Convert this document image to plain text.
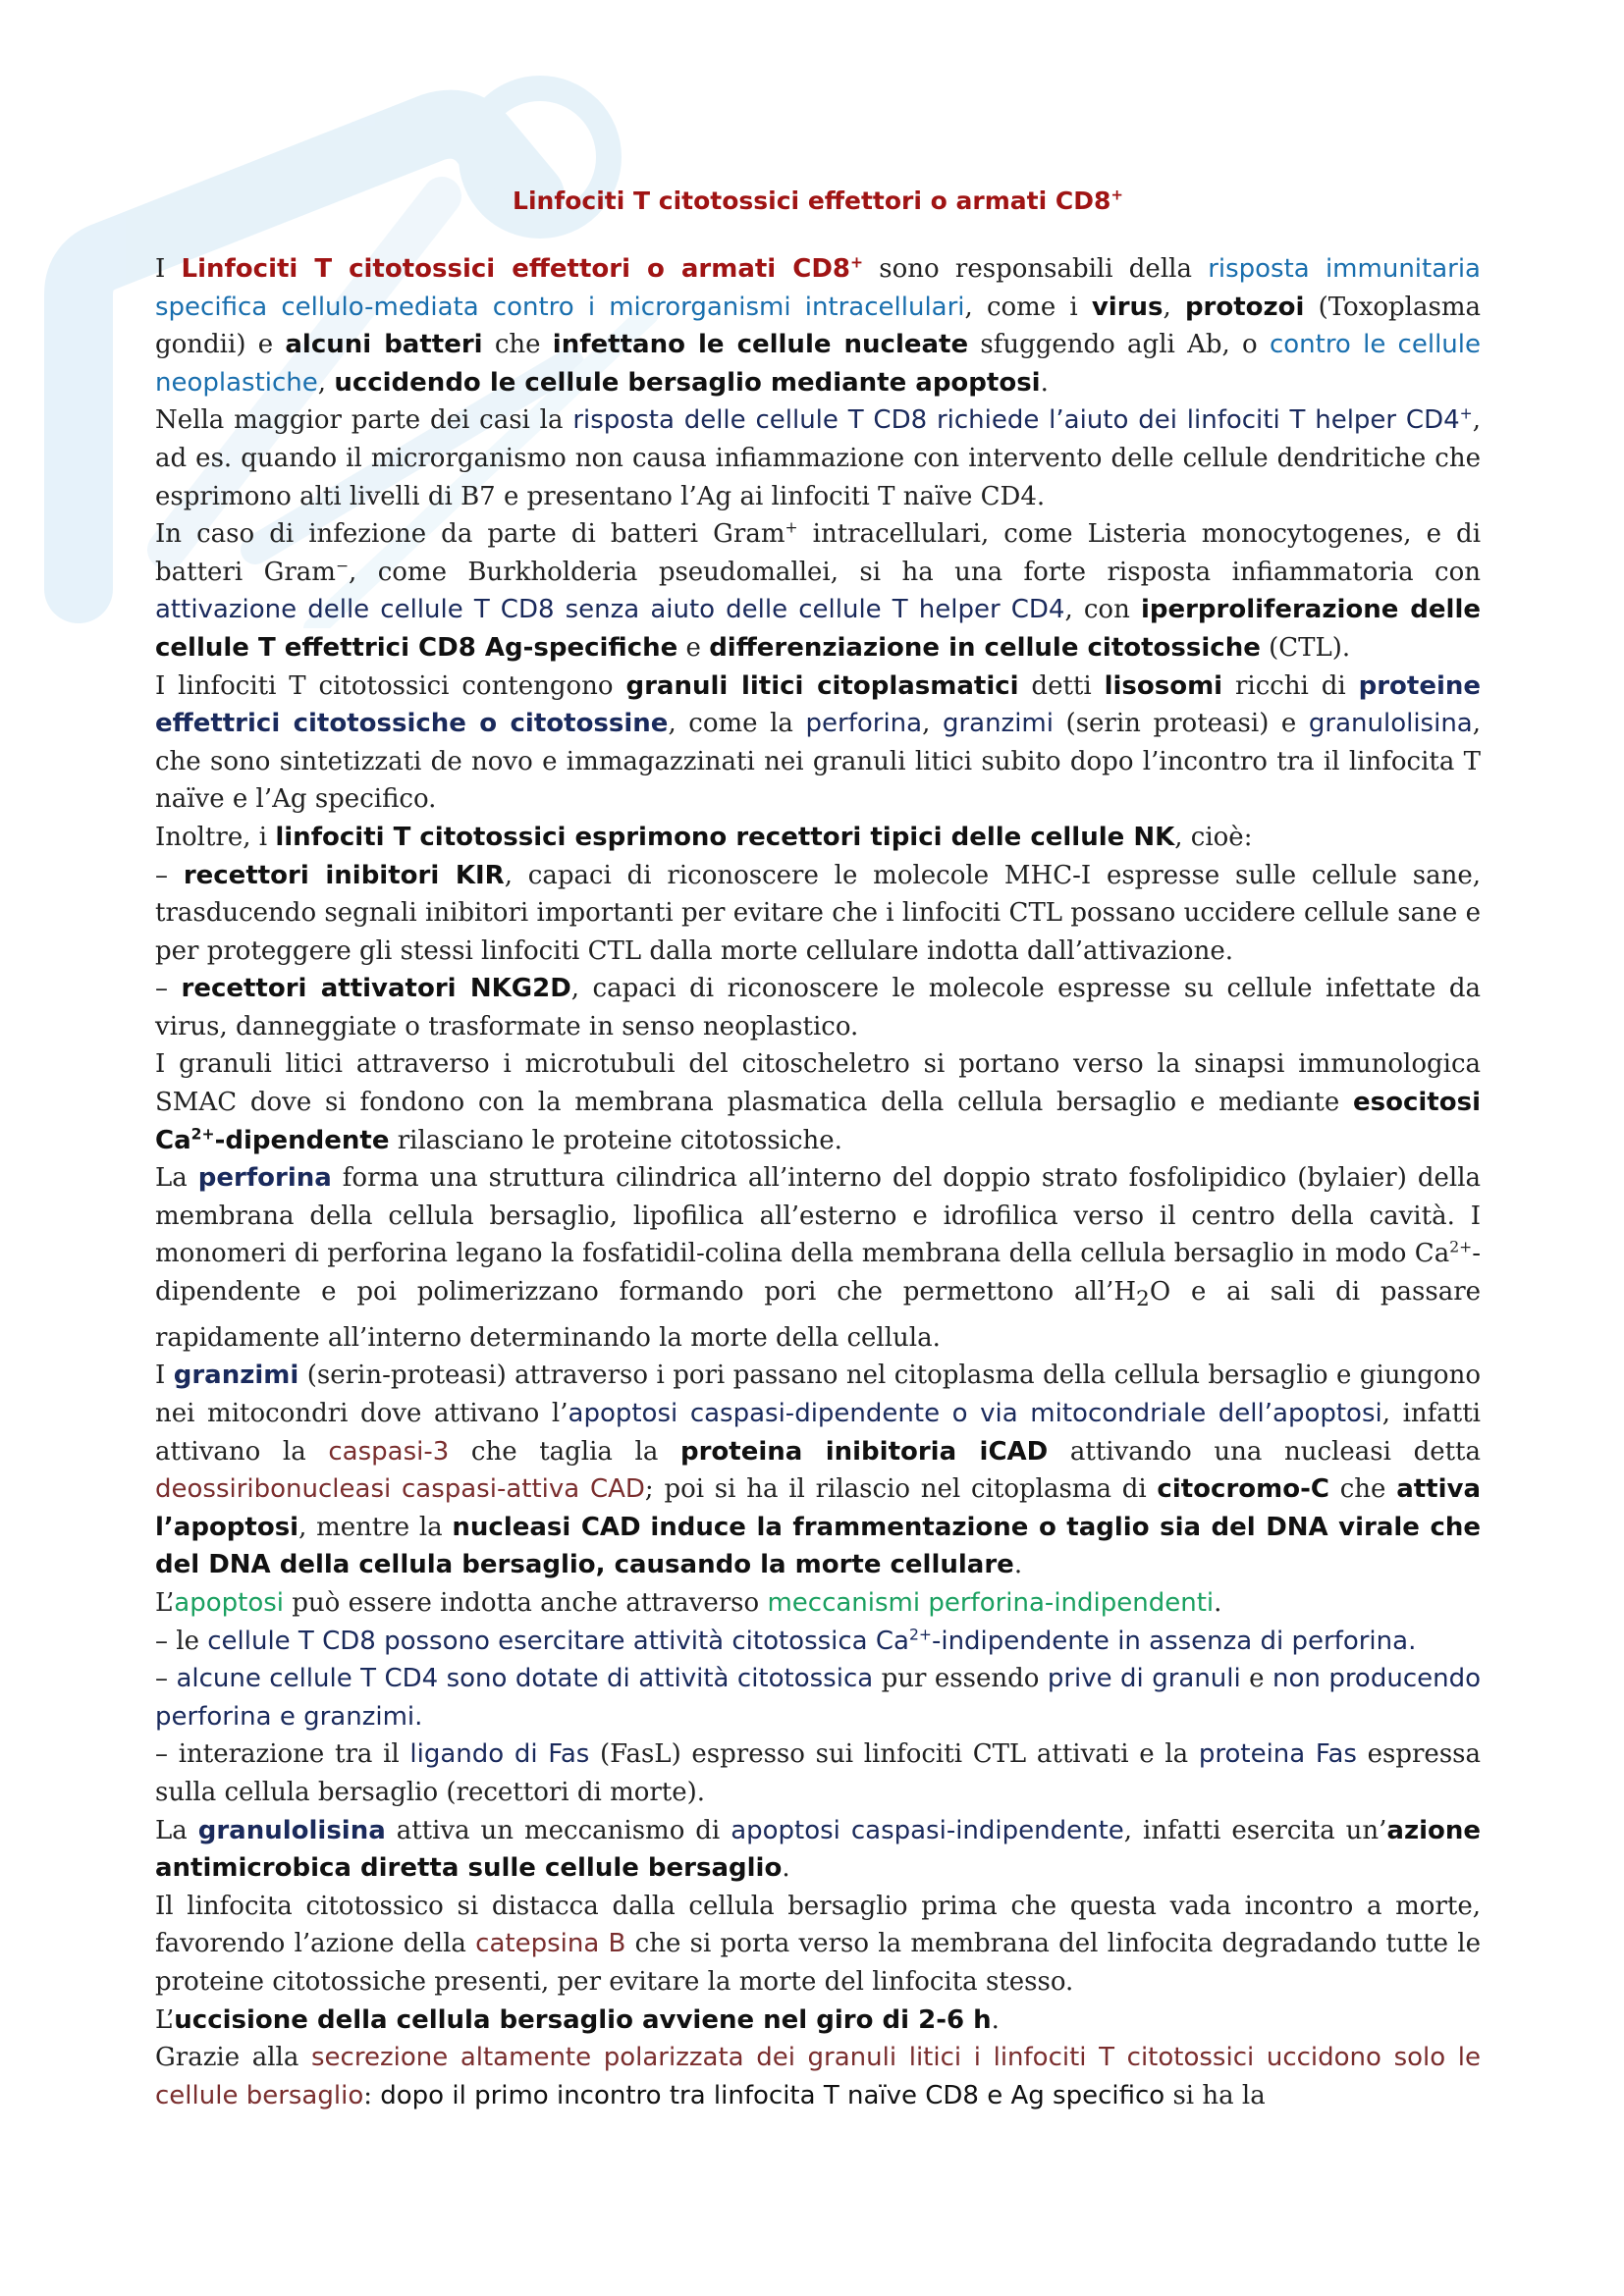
Linfociti T citotossici effettori o armati CD8+

I Linfociti T citotossici effettori o armati CD8+ sono responsabili della risposta immunitaria specifica cellulo-mediata contro i microrganismi intracellulari, come i virus, protozoi (Toxoplasma gondii) e alcuni batteri che infettano le cellule nucleate sfuggendo agli Ab, o contro le cellule neoplastiche, uccidendo le cellule bersaglio mediante apoptosi.

Nella maggior parte dei casi la risposta delle cellule T CD8 richiede l’aiuto dei linfociti T helper CD4+, ad es. quando il microrganismo non causa infiammazione con intervento delle cellule dendritiche che esprimono alti livelli di B7 e presentano l’Ag ai linfociti T naïve CD4.

In caso di infezione da parte di batteri Gram+ intracellulari, come Listeria monocytogenes, e di batteri Gram−, come Burkholderia pseudomallei, si ha una forte risposta infiammatoria con attivazione delle cellule T CD8 senza aiuto delle cellule T helper CD4, con iperproliferazione delle cellule T effettrici CD8 Ag-specifiche e differenziazione in cellule citotossiche (CTL).

I linfociti T citotossici contengono granuli litici citoplasmatici detti lisosomi ricchi di proteine effettrici citotossiche o citotossine, come la perforina, granzimi (serin proteasi) e granulolisina, che sono sintetizzati de novo e immagazzinati nei granuli litici subito dopo l’incontro tra il linfocita T naïve e l’Ag specifico.

Inoltre, i linfociti T citotossici esprimono recettori tipici delle cellule NK, cioè:

– recettori inibitori KIR, capaci di riconoscere le molecole MHC-I espresse sulle cellule sane, trasducendo segnali inibitori importanti per evitare che i linfociti CTL possano uccidere cellule sane e per proteggere gli stessi linfociti CTL dalla morte cellulare indotta dall’attivazione.

– recettori attivatori NKG2D, capaci di riconoscere le molecole espresse su cellule infettate da virus, danneggiate o trasformate in senso neoplastico.

I granuli litici attraverso i microtubuli del citoscheletro si portano verso la sinapsi immunologica SMAC dove si fondono con la membrana plasmatica della cellula bersaglio e mediante esocitosi $Ca^{2+}$-dipendente rilasciano le proteine citotossiche.

La perforina forma una struttura cilindrica all’interno del doppio strato fosfolipidico (bylaier) della membrana della cellula bersaglio, lipofilica all’esterno e idrofilica verso il centro della cavità. I monomeri di perforina legano la fosfatidil-colina della membrana della cellula bersaglio in modo $Ca^{2+}$-dipendente e poi polimerizzano formando pori che permettono $all’H_2O$ e ai sali di passare rapidamente all’interno determinando la morte della cellula.

I granzimi (serin-proteasi) attraverso i pori passano nel citoplasma della cellula bersaglio e giungono nei mitocondri dove attivano l’apoptosi caspasi-dipendente o via mitocondriale dell’apoptosi, infatti attivano la caspasi-3 che taglia la proteina inibitoria iCAD attivando una nucleasi detta deossiribonucleasi caspasi-attiva CAD; poi si ha il rilascio nel citoplasma di citocromo-C che attiva l’apoptosi, mentre la nucleasi CAD induce la frammentazione o taglio sia del DNA virale che del DNA della cellula bersaglio, causando la morte cellulare.

L’apoptosi può essere indotta anche attraverso meccanismi perforina-indipendenti.

– le cellule T CD8 possono esercitare attività citotossica $Ca^{2+}$-indipendente in assenza di perforina.

– alcune cellule T CD4 sono dotate di attività citotossica pur essendo prive di granuli e non producendo perforina e granzimi.

– interazione tra il ligando di Fas (FasL) espresso sui linfociti CTL attivati e la proteina Fas espressa sulla cellula bersaglio (recettori di morte).

La granulolisina attiva un meccanismo di apoptosi caspasi-indipendente, infatti esercita un’azione antimicrobica diretta sulle cellule bersaglio.

Il linfocita citotossico si distacca dalla cellula bersaglio prima che questa vada incontro a morte, favorendo l’azione della catepsina B che si porta verso la membrana del linfocita degradando tutte le proteine citotossiche presenti, per evitare la morte del linfocita stesso.

L’uccisione della cellula bersaglio avviene nel giro di 2-6 h.

Grazie alla secrezione altamente polarizzata dei granuli litici i linfociti T citotossici uccidono solo le cellule bersaglio: dopo il primo incontro tra linfocita T naïve CD8 e Ag specifico si ha la
